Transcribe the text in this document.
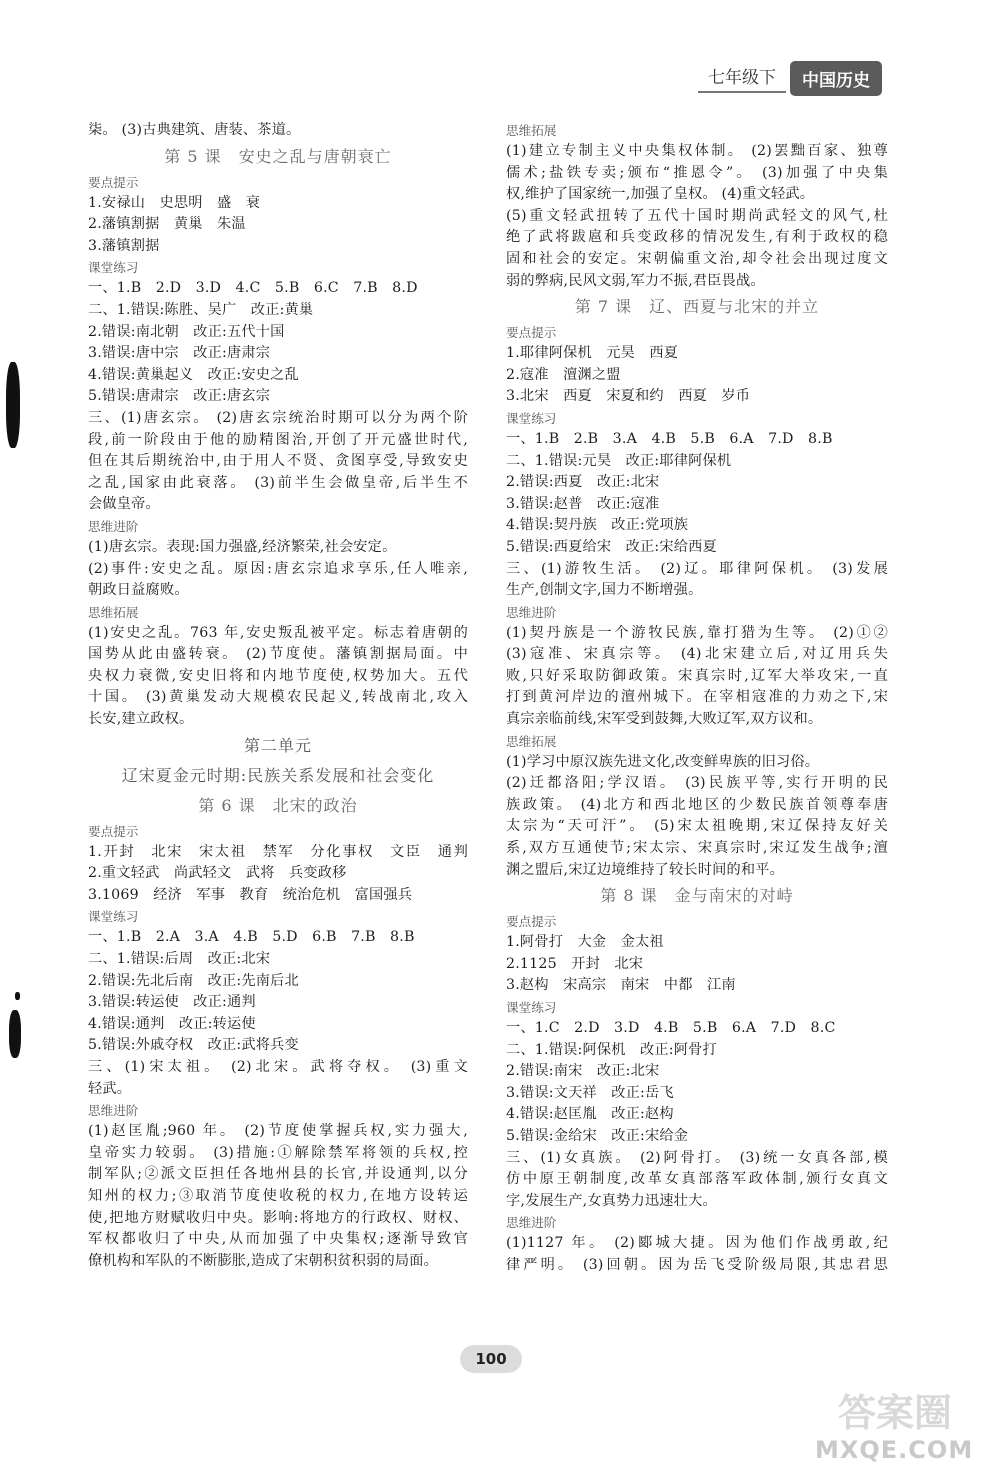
七年级下	中国历史
柒。 (3)古典建筑、唐装、茶道。
第 5 课　安史之乱与唐朝衰亡
要点提示
1.安禄山　史思明　盛　衰
2.藩镇割据　黄巢　朱温
3.藩镇割据
课堂练习
一、1.B　2.D　3.D　4.C　5.B　6.C　7.B　8.D
二、1.错误:陈胜、吴广　改正:黄巢
2.错误:南北朝　改正:五代十国
3.错误:唐中宗　改正:唐肃宗
4.错误:黄巢起义　改正:安史之乱
5.错误:唐肃宗　改正:唐玄宗
三、(1)唐玄宗。 (2)唐玄宗统治时期可以分为两个阶
段,前一阶段由于他的励精图治,开创了开元盛世时代,
但在其后期统治中,由于用人不贤、贪图享受,导致安史
之乱,国家由此衰落。 (3)前半生会做皇帝,后半生不
会做皇帝。
思维进阶
(1)唐玄宗。表现:国力强盛,经济繁荣,社会安定。
(2)事件:安史之乱。原因:唐玄宗追求享乐,任人唯亲,
朝政日益腐败。
思维拓展
(1)安史之乱。763 年,安史叛乱被平定。标志着唐朝的
国势从此由盛转衰。 (2)节度使。藩镇割据局面。中
央权力衰微,安史旧将和内地节度使,权势加大。五代
十国。 (3)黄巢发动大规模农民起义,转战南北,攻入
长安,建立政权。
第二单元
辽宋夏金元时期:民族关系发展和社会变化
第 6 课　北宋的政治
要点提示
1.开封　北宋　宋太祖　禁军　分化事权　文臣　通判
2.重文轻武　尚武轻文　武将　兵变政移
3.1069　经济　军事　教育　统治危机　富国强兵
课堂练习
一、1.B　2.A　3.A　4.B　5.D　6.B　7.B　8.B
二、1.错误:后周　改正:北宋
2.错误:先北后南　改正:先南后北
3.错误:转运使　改正:通判
4.错误:通判　改正:转运使
5.错误:外戚夺权　改正:武将兵变
三、(1)宋太祖。 (2)北宋。武将夺权。 (3)重文
轻武。
思维进阶
(1)赵匡胤;960 年。 (2)节度使掌握兵权,实力强大,
皇帝实力较弱。 (3)措施:①解除禁军将领的兵权,控
制军队;②派文臣担任各地州县的长官,并设通判,以分
知州的权力;③取消节度使收税的权力,在地方设转运
使,把地方财赋收归中央。影响:将地方的行政权、财权、
军权都收归了中央,从而加强了中央集权;逐渐导致官
僚机构和军队的不断膨胀,造成了宋朝积贫积弱的局面。
思维拓展
(1)建立专制主义中央集权体制。 (2)罢黜百家、独尊
儒术;盐铁专卖;颁布“推恩令”。 (3)加强了中央集
权,维护了国家统一,加强了皇权。 (4)重文轻武。
(5)重文轻武扭转了五代十国时期尚武轻文的风气,杜
绝了武将跋扈和兵变政移的情况发生,有利于政权的稳
固和社会的安定。宋朝偏重文治,却令社会出现过度文
弱的弊病,民风文弱,军力不振,君臣畏战。
第 7 课　辽、西夏与北宋的并立
要点提示
1.耶律阿保机　元昊　西夏
2.寇准　澶渊之盟
3.北宋　西夏　宋夏和约　西夏　岁币
课堂练习
一、1.B　2.B　3.A　4.B　5.B　6.A　7.D　8.B
二、1.错误:元昊　改正:耶律阿保机
2.错误:西夏　改正:北宋
3.错误:赵普　改正:寇准
4.错误:契丹族　改正:党项族
5.错误:西夏给宋　改正:宋给西夏
三、(1)游牧生活。 (2)辽。耶律阿保机。 (3)发展
生产,创制文字,国力不断增强。
思维进阶
(1)契丹族是一个游牧民族,靠打猎为生等。 (2)①②
(3)寇准、宋真宗等。 (4)北宋建立后,对辽用兵失
败,只好采取防御政策。宋真宗时,辽军大举攻宋,一直
打到黄河岸边的澶州城下。在宰相寇准的力劝之下,宋
真宗亲临前线,宋军受到鼓舞,大败辽军,双方议和。
思维拓展
(1)学习中原汉族先进文化,改变鲜卑族的旧习俗。
(2)迁都洛阳;学汉语。 (3)民族平等,实行开明的民
族政策。 (4)北方和西北地区的少数民族首领尊奉唐
太宗为“天可汗”。 (5)宋太祖晚期,宋辽保持友好关
系,双方互通使节;宋太宗、宋真宗时,宋辽发生战争;澶
渊之盟后,宋辽边境维持了较长时间的和平。
第 8 课　金与南宋的对峙
要点提示
1.阿骨打　大金　金太祖
2.1125　开封　北宋
3.赵构　宋高宗　南宋　中都　江南
课堂练习
一、1.C　2.D　3.D　4.B　5.B　6.A　7.D　8.C
二、1.错误:阿保机　改正:阿骨打
2.错误:南宋　改正:北宋
3.错误:文天祥　改正:岳飞
4.错误:赵匡胤　改正:赵构
5.错误:金给宋　改正:宋给金
三、(1)女真族。 (2)阿骨打。 (3)统一女真各部,模
仿中原王朝制度,改革女真部落军政体制,颁行女真文
字,发展生产,女真势力迅速壮大。
思维进阶
(1)1127 年。 (2)郾城大捷。因为他们作战勇敢,纪
律严明。 (3)回朝。因为岳飞受阶级局限,其忠君思
100
答案圈
MXQE.COM
